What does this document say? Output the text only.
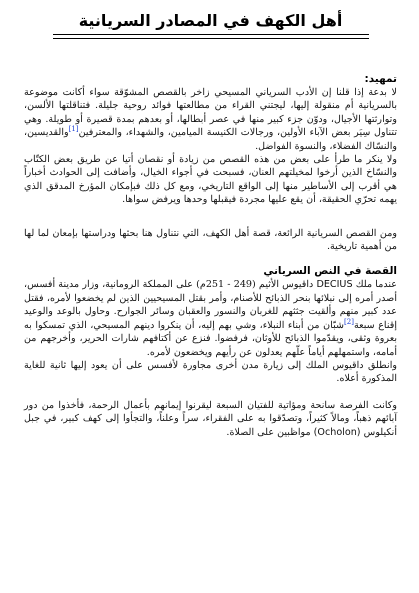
أهل الكهف في المصادر السريانية
تمهيد:

لا بدعة إذا قلنا إن الأدب السرياني المسيحي زاخر بالقصص المشوّقة سواء أكانت موضوعة بالسريانية أم منقولة إليها، ليجتني القراء من مطالعتها فوائد روحية جليلة. فتناقلتها الألسن، وتوارثتها الأجيال، ودوّن جزء كبير منها في عصر أبطالها، أو بعدهم بمدة قصيرة أو طويلة. وهي تتناول سِيَر بعض الآباء الأولين، ورجالات الكنيسة الميامين، والشهداء، والمعترفين[1]والقديسين، والنسّاك الفضلاء، والنسوة الفواضل.

ولا ينكر ما طرأ على بعض من هذه القصص من زيادة أو نقصان أتيا عن طريق بعض الكتّاب والنسّاخ الذين أرخوا لمخيلتهم العنان، فسبحت في أجواء الخيال، وأضافت إلى الحوادث أخباراً هي أقرب إلى الأساطير منها إلى الواقع التاريخي، ومع كل ذلك فبإمكان المؤرخ المدقق الذي يهمه تحرّي الحقيقة، أن يقع عليها مجردة فيقبلها وحدها ويرفض سواها.

ومن القصص السريانية الرائعة، قصة أهل الكهف، التي نتناول هنا بحثها ودراستها بإمعان لما لها من أهمية تاريخية.

القصة في النص السرياني

عندما ملك DECIUS داقيوس الأثيم (249 - 251م) على المملكة الرومانية، وزار مدينة أفسس، أصدر أمره إلى نبلائها بنحر الذبائح للأصنام، وأمر بقتل المسيحيين الذين لم يخضعوا لأمره، فقتل عدد كبير منهم وألقيت جثثهم للغربان والنسور والعقبان وسائر الجوارح. وحاول بالوعد والوعيد إقناع سبعة[2]شبّان من أبناء النبلاء، وشي بهم إليه، أن ينكروا دينهم المسيحي، الذي تمسكوا به بعروة وثقى، ويقدّموا الذبائح للأوثان، فرفضوا. فنزع عن أكتافهم شارات الحرير، وأخرجهم من أمامه، واستمهلهم أياماً علّهم يعدلون عن رأيهم ويخضعون لأمره.

وانطلق داقيوس الملك إلى زيارة مدن أخرى مجاورة لأفسس على أن يعود إليها ثانية للغاية المذكورة أعلاه.

وكانت الفرصة سانحة ومؤاتية للفتيان السبعة ليقرنوا إيمانهم بأعمال الرحمة، فأخذوا من دور آبائهم ذهباً، ومالاً كثيراً، وتصدّقوا به على الفقراء، سراً وعلناً، والتجأوا إلى كهف كبير، في جبل أنكيلوس (Ocholon) مواظبين على الصلاة.
